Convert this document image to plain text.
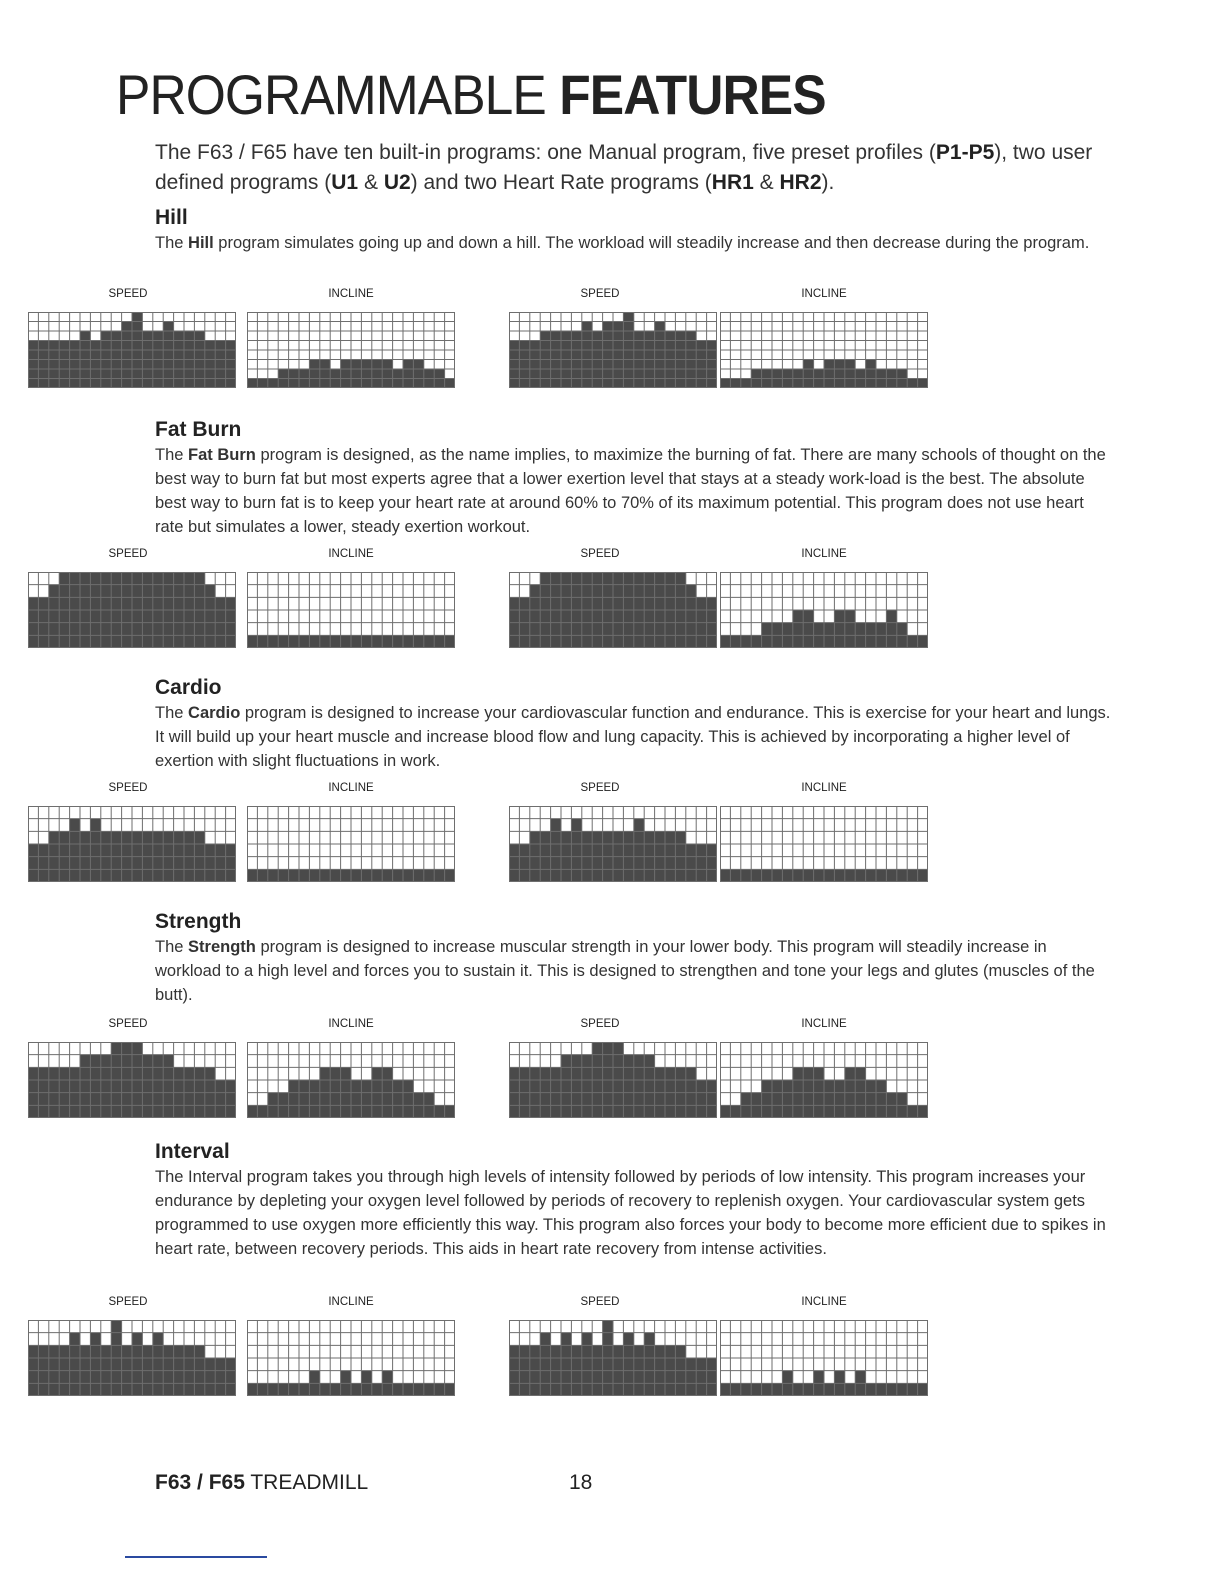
PROGRAMMABLE FEATURES
The F63 / F65 have ten built-in programs: one Manual program, five preset profiles (P1-P5), two user defined programs (U1 & U2) and two Heart Rate programs (HR1 & HR2).
Hill
The Hill program simulates going up and down a hill. The workload will steadily increase and then decrease during the program.
SPEED	INCLINE	SPEED	INCLINE
Fat Burn
The Fat Burn program is designed, as the name implies, to maximize the burning of fat. There are many schools of thought on the best way to burn fat but most experts agree that a lower exertion level that stays at a steady work-load is the best. The absolute best way to burn fat is to keep your heart rate at around 60% to 70% of its maximum potential. This program does not use heart rate but simulates a lower, steady exertion workout.
SPEED	INCLINE	SPEED	INCLINE
Cardio
The Cardio program is designed to increase your cardiovascular function and endurance. This is exercise for your heart and lungs. It will build up your heart muscle and increase blood flow and lung capacity. This is achieved by incorporating a higher level of exertion with slight fluctuations in work.
SPEED	INCLINE	SPEED	INCLINE
Strength
The Strength program is designed to increase muscular strength in your lower body. This program will steadily increase in workload to a high level and forces you to sustain it. This is designed to strengthen and tone your legs and glutes (muscles of the butt).
SPEED	INCLINE	SPEED	INCLINE
Interval
The Interval program takes you through high levels of intensity followed by periods of low intensity. This program increases your endurance by depleting your oxygen level followed by periods of recovery to replenish oxygen. Your cardiovascular system gets programmed to use oxygen more efficiently this way. This program also forces your body to become more efficient due to spikes in heart rate, between recovery periods. This aids in heart rate recovery from intense activities.
SPEED	INCLINE	SPEED	INCLINE
F63 / F65 TREADMILL	18
